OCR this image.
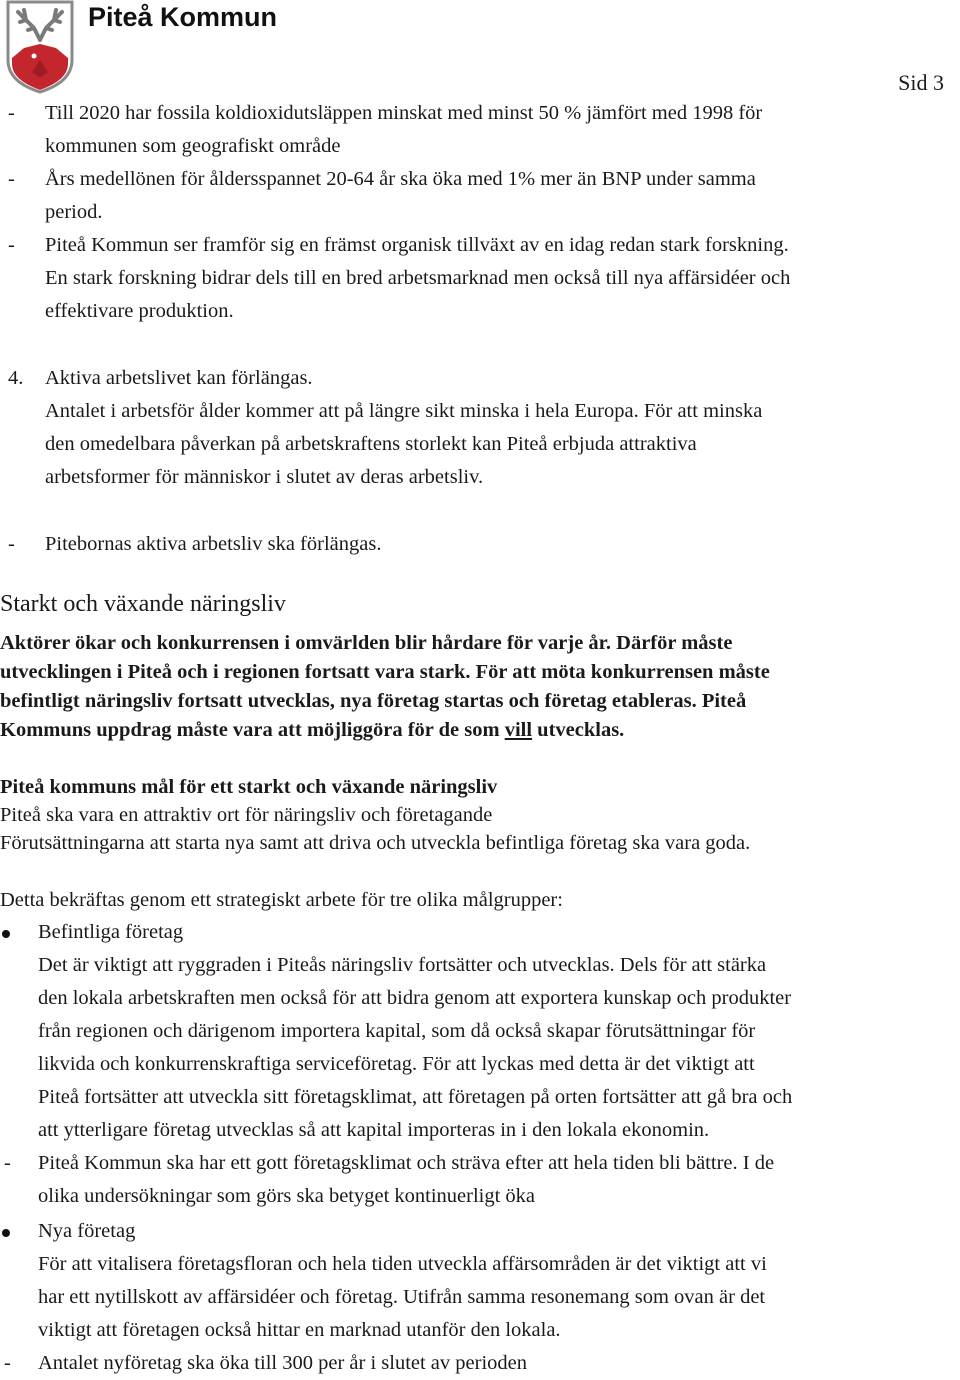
Piteå Kommun
Sid 3
- Till 2020 har fossila koldioxidutsläppen minskat med minst 50 % jämfört med 1998 för
kommunen som geografiskt område
- Års medellönen för åldersspannet 20-64 år ska öka med 1% mer än BNP under samma
period.
- Piteå Kommun ser framför sig en främst organisk tillväxt av en idag redan stark forskning.
En stark forskning bidrar dels till en bred arbetsmarknad men också till nya affärsidéer och
effektivare produktion.
4. Aktiva arbetslivet kan förlängas.
Antalet i arbetsför ålder kommer att på längre sikt minska i hela Europa. För att minska
den omedelbara påverkan på arbetskraftens storlekt kan Piteå erbjuda attraktiva
arbetsformer för människor i slutet av deras arbetsliv.
- Pitebornas aktiva arbetsliv ska förlängas.
Starkt och växande näringsliv
Aktörer ökar och konkurrensen i omvärlden blir hårdare för varje år. Därför måste
utvecklingen i Piteå och i regionen fortsatt vara stark. För att möta konkurrensen måste
befintligt näringsliv fortsatt utvecklas, nya företag startas och företag etableras. Piteå
Kommuns uppdrag måste vara att möjliggöra för de som vill utvecklas.
Piteå kommuns mål för ett starkt och växande näringsliv
Piteå ska vara en attraktiv ort för näringsliv och företagande
Förutsättningarna att starta nya samt att driva och utveckla befintliga företag ska vara goda.
Detta bekräftas genom ett strategiskt arbete för tre olika målgrupper:
Befintliga företag
Det är viktigt att ryggraden i Piteås näringsliv fortsätter och utvecklas. Dels för att stärka
den lokala arbetskraften men också för att bidra genom att exportera kunskap och produkter
från regionen och därigenom importera kapital, som då också skapar förutsättningar för
likvida och konkurrenskraftiga serviceföretag. För att lyckas med detta är det viktigt att
Piteå fortsätter att utveckla sitt företagsklimat, att företagen på orten fortsätter att gå bra och
att ytterligare företag utvecklas så att kapital importeras in i den lokala ekonomin.
- Piteå Kommun ska har ett gott företagsklimat och sträva efter att hela tiden bli bättre. I de
olika undersökningar som görs ska betyget kontinuerligt öka
Nya företag
För att vitalisera företagsfloran och hela tiden utveckla affärsområden är det viktigt att vi
har ett nytillskott av affärsidéer och företag. Utifrån samma resonemang som ovan är det
viktigt att företagen också hittar en marknad utanför den lokala.
- Antalet nyföretag ska öka till 300 per år i slutet av perioden
